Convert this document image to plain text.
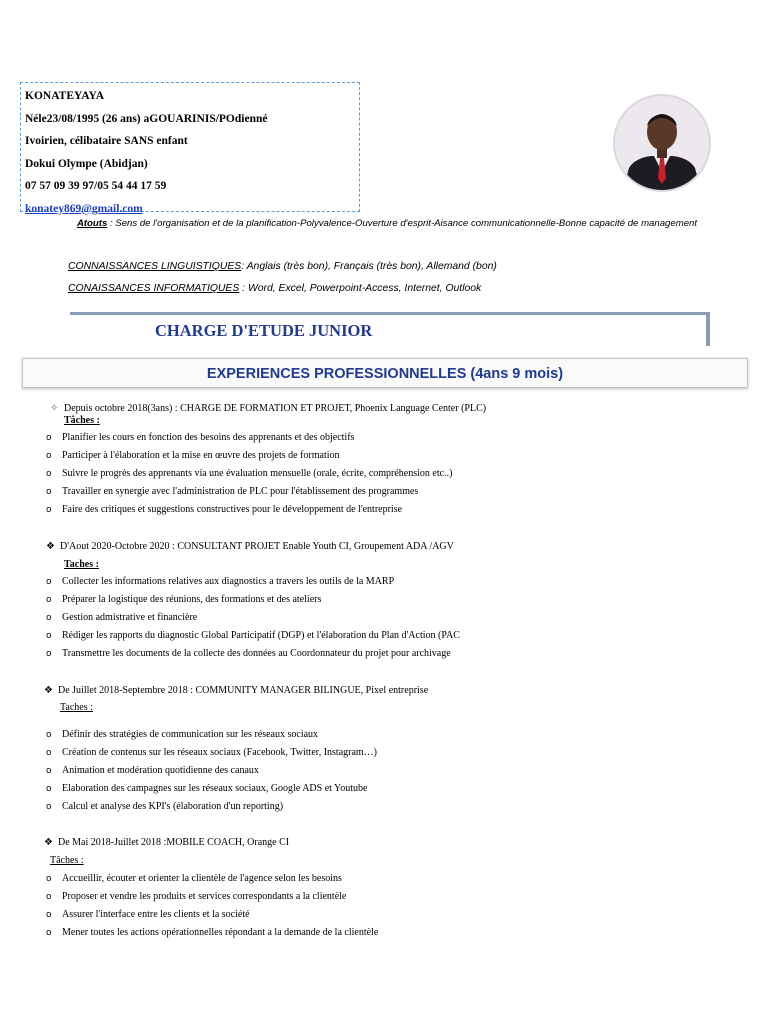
KONATEYAYA
Néle23/08/1995 (26 ans) aGOUARINIS/POdienné
Ivoirien, célibataire SANS enfant
Dokui Olympe (Abidjan)
07 57 09 39 97/05 54 44 17 59
konatey869@gmail.com
Atouts : Sens de l'organisation et de la planification-Polyvalence-Ouverture d'esprit-Aisance communicationnelle-Bonne capacité de management
CONNAISSANCES LINGUISTIQUES: Anglais (très bon), Français (très bon), Allemand (bon)
CONAISSANCES INFORMATIQUES : Word, Excel, Powerpoint-Access, Internet, Outlook
CHARGE D'ETUDE JUNIOR
EXPERIENCES PROFESSIONNELLES (4ans 9 mois)
✧ Depuis octobre 2018(3ans) : CHARGE DE FORMATION ET PROJET, Phoenix Language Center (PLC)
Tâches :
o Planifier les cours en fonction des besoins des apprenants et des objectifs
o Participer à l'élaboration et la mise en œuvre des projets de formation
o Suivre le progrès des apprenants via une évaluation mensuelle (orale, écrite, compréhension etc..)
o Travailler en synergie avec l'administration de PLC pour l'établissement des programmes
o Faire des critiques et suggestions constructives pour le développement de l'entreprise
❖ D'Aout 2020-Octobre 2020 : CONSULTANT PROJET Enable Youth CI, Groupement ADA /AGV
Taches :
o Collecter les informations relatives aux diagnostics a travers les outils de la MARP
o Préparer la logistique des réunions, des formations et des ateliers
o Gestion admistrative et financière
o Rédiger les rapports du diagnostic Global Participatif (DGP) et l'élaboration du Plan d'Action (PAC
o Transmettre les documents de la collecte des données au Coordonnateur du projet pour archivage
❖ De Juillet 2018-Septembre 2018 : COMMUNITY MANAGER BILINGUE, Pixel entreprise
Taches :
o Définir des stratégies de communication sur les réseaux sociaux
o Création de contenus sur les réseaux sociaux (Facebook, Twitter, Instagram…)
o Animation et modération quotidienne des canaux
o Elaboration des campagnes sur les réseaux sociaux, Google ADS et Youtube
o Calcul et analyse des KPI's (élaboration d'un reporting)
❖ De Mai 2018-Juillet 2018 :MOBILE COACH, Orange CI
Tâches :
o Accueillir, écouter et orienter la clientèle de l'agence selon les besoins
o Proposer et vendre les produits et services correspondants a la clientèle
o Assurer l'interface entre les clients et la société
o Mener toutes les actions opérationnelles répondant a la demande de la clientèle
